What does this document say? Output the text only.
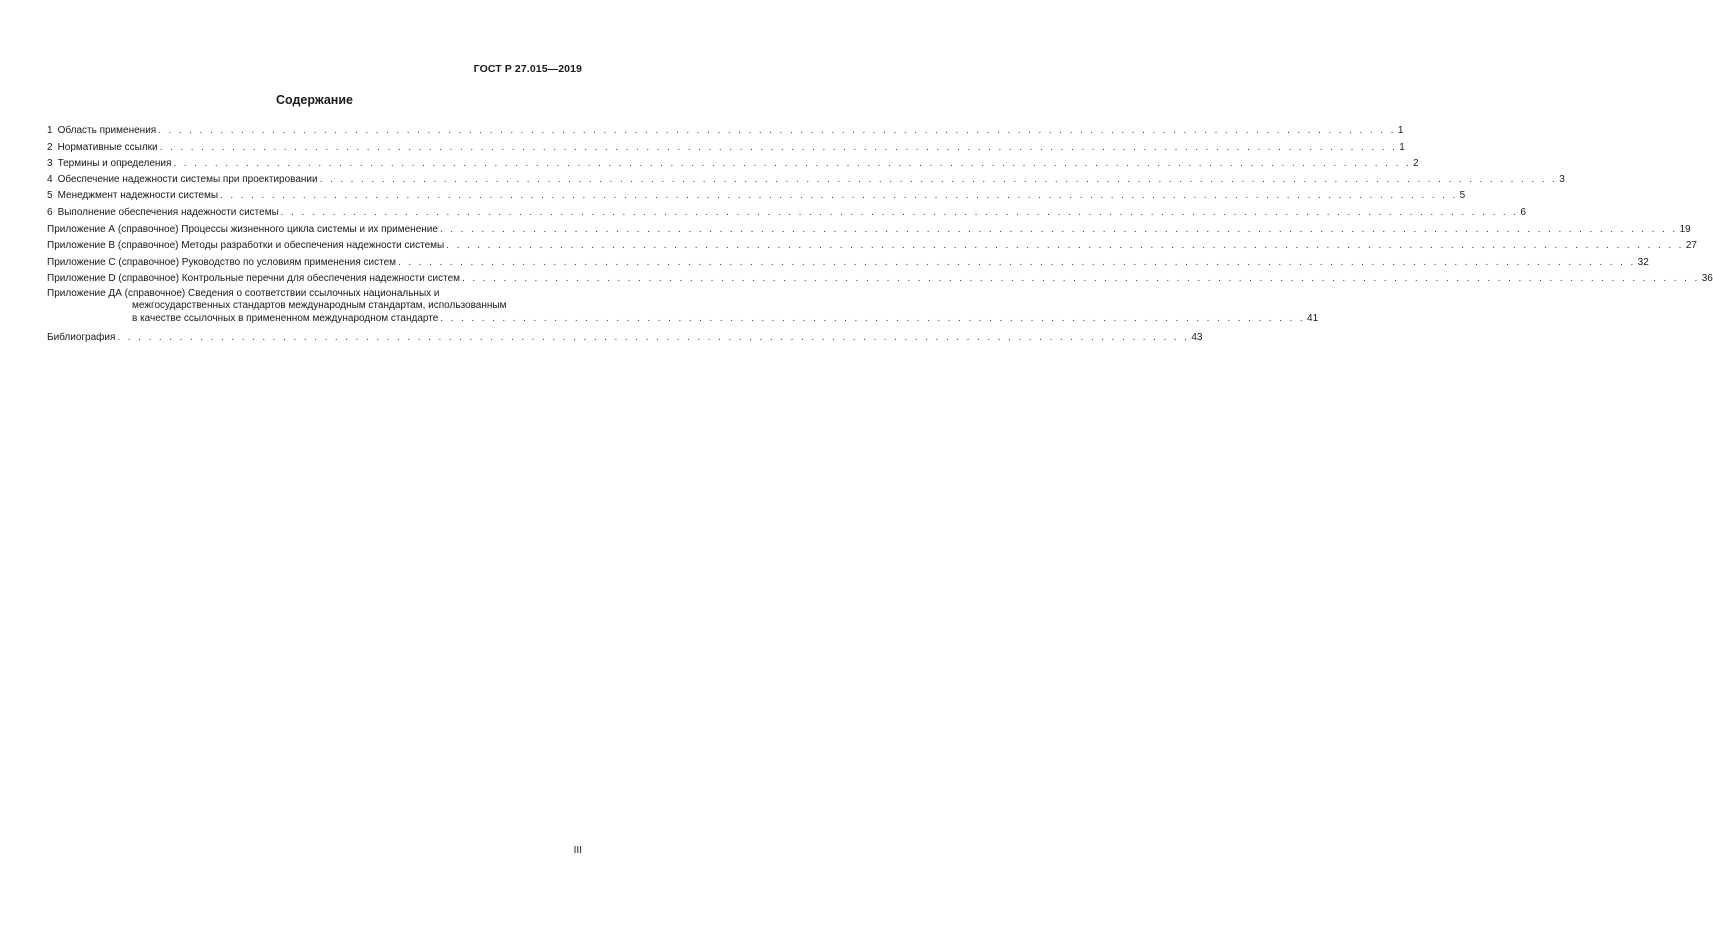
ГОСТ Р 27.015—2019
Содержание
1 Область применения . . . . . . . . . . . . . . . . . . . . . . . . . . . . . . . . . . . . . . . . . . . . . . . . . . . . . . . . . . . . . . . . . . . . . . . . . . . . . . . . . . . . . . . . . . . . . . . . . . . . . . . . . . . . . . . . . . . . . . . . 1
2 Нормативные ссылки . . . . . . . . . . . . . . . . . . . . . . . . . . . . . . . . . . . . . . . . . . . . . . . . . . . . . . . . . . . . . . . . . . . . . . . . . . . . . . . . . . . . . . . . . . . . . . . . . . . . . . . . . . . . . . . . . . . . . . . . 1
3 Термины и определения . . . . . . . . . . . . . . . . . . . . . . . . . . . . . . . . . . . . . . . . . . . . . . . . . . . . . . . . . . . . . . . . . . . . . . . . . . . . . . . . . . . . . . . . . . . . . . . . . . . . . . . . . . . . . . . . . . . . . . . . 2
4 Обеспечение надежности системы при проектировании . . . . . . . . . . . . . . . . . . . . . . . . . . . . . . . . . . . . . . . . . . . . . . . . . . . . . . . . . . . . . . . . . . . . . . . . . . . . . . . . . . . . . . . . . . . . . . . . . . . . . . . . . . . . . . . . . . . . . . . . 3
5 Менеджмент надежности системы . . . . . . . . . . . . . . . . . . . . . . . . . . . . . . . . . . . . . . . . . . . . . . . . . . . . . . . . . . . . . . . . . . . . . . . . . . . . . . . . . . . . . . . . . . . . . . . . . . . . . . . . . . . . . . . . . . . . . . . . 5
6 Выполнение обеспечения надежности системы . . . . . . . . . . . . . . . . . . . . . . . . . . . . . . . . . . . . . . . . . . . . . . . . . . . . . . . . . . . . . . . . . . . . . . . . . . . . . . . . . . . . . . . . . . . . . . . . . . . . . . . . . . . . . . . . . . . . . . . . 6
Приложение А (справочное) Процессы жизненного цикла системы и их применение . . . . . . . . . . . . . . . . . . . . . . . . . . . . . . . . . . . . . . . . . . . . . . . . . . . . . . . . . . . . . . . . . . . . . . . . . . . . . . . . . . . . . . . . . . . . . . . . . . . . . . . . . . . . . . . . . . . . . . . . 19
Приложение В (справочное) Методы разработки и обеспечения надежности системы . . . . . . . . . . . . . . . . . . . . . . . . . . . . . . . . . . . . . . . . . . . . . . . . . . . . . . . . . . . . . . . . . . . . . . . . . . . . . . . . . . . . . . . . . . . . . . . . . . . . . . . . . . . . . . . . . . . . . . . . 27
Приложение С (справочное) Руководство по условиям применения систем . . . . . . . . . . . . . . . . . . . . . . . . . . . . . . . . . . . . . . . . . . . . . . . . . . . . . . . . . . . . . . . . . . . . . . . . . . . . . . . . . . . . . . . . . . . . . . . . . . . . . . . . . . . . . . . . . . . . . . . . 32
Приложение D (справочное) Контрольные перечни для обеспечения надежности систем . . . . . . . . . . . . . . . . . . . . . . . . . . . . . . . . . . . . . . . . . . . . . . . . . . . . . . . . . . . . . . . . . . . . . . . . . . . . . . . . . . . . . . . . . . . . . . . . . . . . . . . . . . . . . . . . . . . . . . . . 36
Приложение ДА (справочное) Сведения о соответствии ссылочных национальных и
межгосударственных стандартов международным стандартам, использованным
в качестве ссылочных в примененном международном стандарте . . . . . . . . . . . . . . . . . . . . . . . . . . . . . . . . . . . . . . . . . . . . . . . . . . . . . . . . . . . . . . . . . . . . . . . . . . . . . . . . . . . . 41
Библиография . . . . . . . . . . . . . . . . . . . . . . . . . . . . . . . . . . . . . . . . . . . . . . . . . . . . . . . . . . . . . . . . . . . . . . . . . . . . . . . . . . . . . . . . . . . . . . . . . . . . . . . . 43
III
